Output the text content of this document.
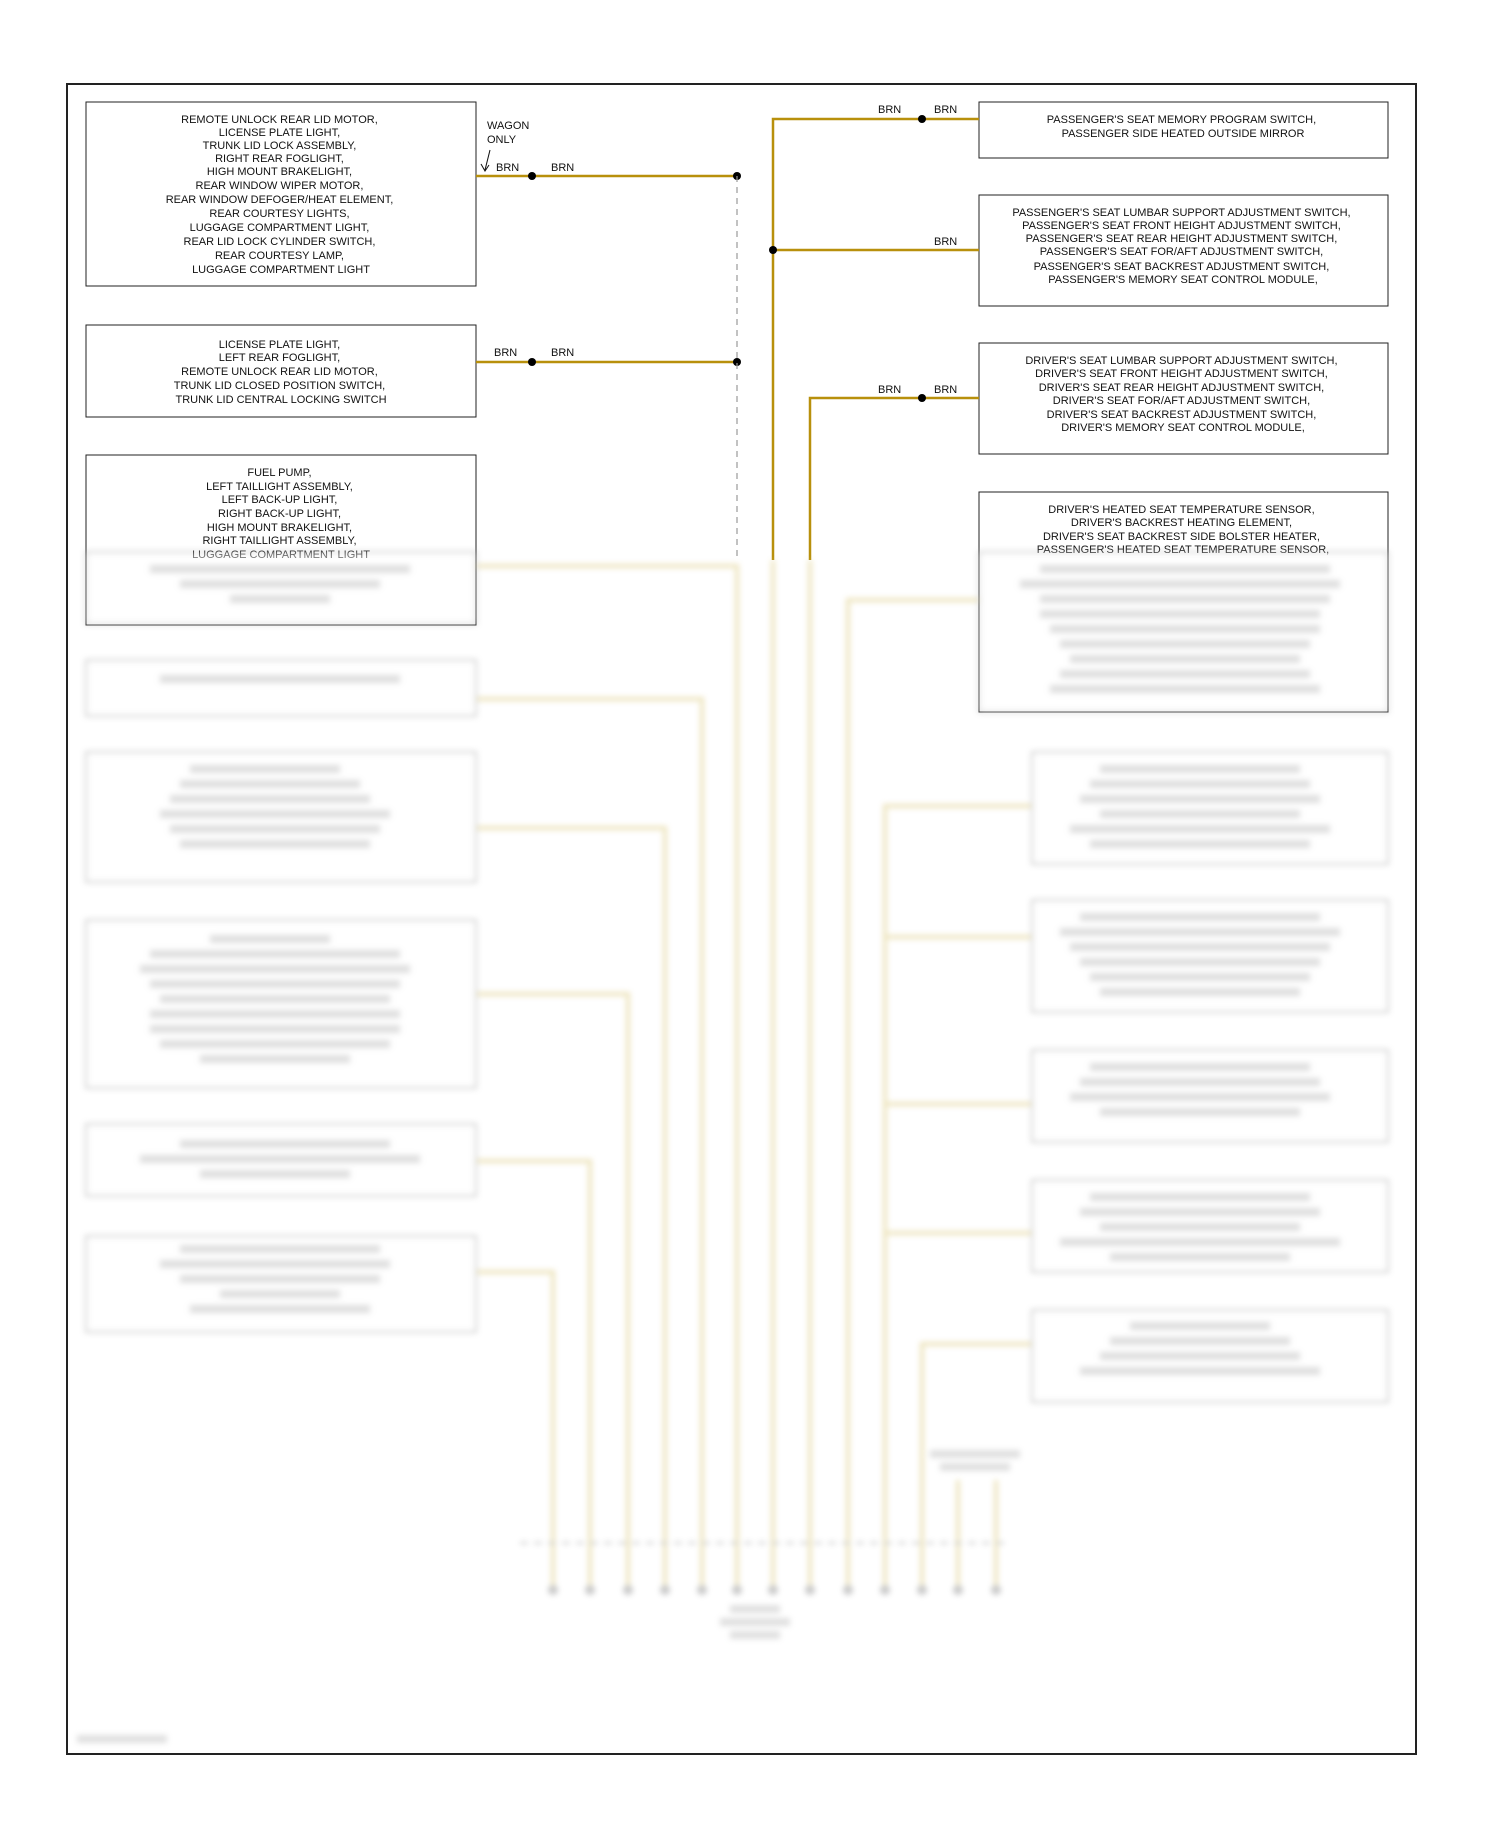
REMOTE UNLOCK REAR LID MOTOR, LICENSE PLATE LIGHT, TRUNK LID LOCK ASSEMBLY, RIGHT REAR FOGLIGHT, HIGH MOUNT BRAKELIGHT, REAR WINDOW WIPER MOTOR, REAR WINDOW DEFOGER/HEAT ELEMENT, REAR COURTESY LIGHTS, LUGGAGE COMPARTMENT LIGHT, REAR LID LOCK CYLINDER SWITCH, REAR COURTESY LAMP, LUGGAGE COMPARTMENT LIGHT
LICENSE PLATE LIGHT, LEFT REAR FOGLIGHT, REMOTE UNLOCK REAR LID MOTOR, TRUNK LID CLOSED POSITION SWITCH, TRUNK LID CENTRAL LOCKING SWITCH
FUEL PUMP, LEFT TAILLIGHT ASSEMBLY, LEFT BACK-UP LIGHT, RIGHT BACK-UP LIGHT, HIGH MOUNT BRAKELIGHT, RIGHT TAILLIGHT ASSEMBLY, LUGGAGE COMPARTMENT LIGHT
PASSENGER'S SEAT MEMORY PROGRAM SWITCH, PASSENGER SIDE HEATED OUTSIDE MIRROR
PASSENGER'S SEAT LUMBAR SUPPORT ADJUSTMENT SWITCH, PASSENGER'S SEAT FRONT HEIGHT ADJUSTMENT SWITCH, PASSENGER'S SEAT REAR HEIGHT ADJUSTMENT SWITCH, PASSENGER'S SEAT FOR/AFT ADJUSTMENT SWITCH, PASSENGER'S SEAT BACKREST ADJUSTMENT SWITCH, PASSENGER'S MEMORY SEAT CONTROL MODULE,
DRIVER'S SEAT LUMBAR SUPPORT ADJUSTMENT SWITCH, DRIVER'S SEAT FRONT HEIGHT ADJUSTMENT SWITCH, DRIVER'S SEAT REAR HEIGHT ADJUSTMENT SWITCH, DRIVER'S SEAT FOR/AFT ADJUSTMENT SWITCH, DRIVER'S SEAT BACKREST ADJUSTMENT SWITCH, DRIVER'S MEMORY SEAT CONTROL MODULE,
DRIVER'S HEATED SEAT TEMPERATURE SENSOR, DRIVER'S BACKREST HEATING ELEMENT, DRIVER'S SEAT BACKREST SIDE BOLSTER HEATER, PASSENGER'S HEATED SEAT TEMPERATURE SENSOR,
BRN	BRN
WAGON
ONLY
BRN	BRN
BRN	BRN
BRN
BRN	BRN
